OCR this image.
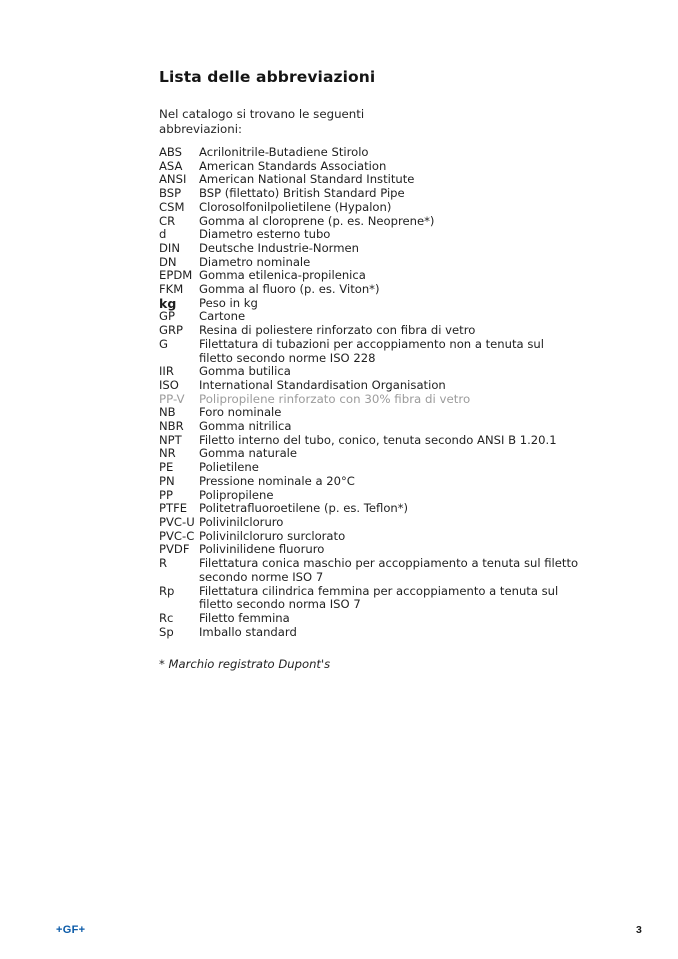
Lista delle abbreviazioni
Nel catalogo si trovano le seguenti abbreviazioni:
ABS	Acrilonitrile-Butadiene Stirolo
ASA	American Standards Association
ANSI	American National Standard Institute
BSP	BSP (filettato) British Standard Pipe
CSM	Clorosolfonilpolietilene (Hypalon)
CR	Gomma al cloroprene (p. es. Neoprene*)
d	Diametro esterno tubo
DIN	Deutsche Industrie-Normen
DN	Diametro nominale
EPDM Gomma etilenica-propilenica
FKM	Gomma al fluoro (p. es. Viton*)
kg	Peso in kg
GP	Cartone
GRP	Resina di poliestere rinforzato con fibra di vetro
G	Filettatura di tubazioni per accoppiamento non a tenuta sul filetto secondo norme ISO 228
IIR	Gomma butilica
ISO	International Standardisation Organisation
PP-V	Polipropilene rinforzato con 30% fibra di vetro
NB	Foro nominale
NBR	Gomma nitrilica
NPT	Filetto interno del tubo, conico, tenuta secondo ANSI B 1.20.1
NR	Gomma naturale
PE	Polietilene
PN	Pressione nominale a 20°C
PP	Polipropilene
PTFE	Politetrafluoroetilene (p. es. Teflon*)
PVC-U Polivinilcloruro
PVC-C Polivinilcloruro surclorato
PVDF Polivinilidene fluoruro
R	Filettatura conica maschio per accoppiamento a tenuta sul filetto secondo norme ISO 7
Rp	Filettatura cilindrica femmina per accoppiamento a tenuta sul filetto secondo norma ISO 7
Rc	Filetto femmina
Sp	Imballo standard
* Marchio registrato Dupont's
+GF+	3
